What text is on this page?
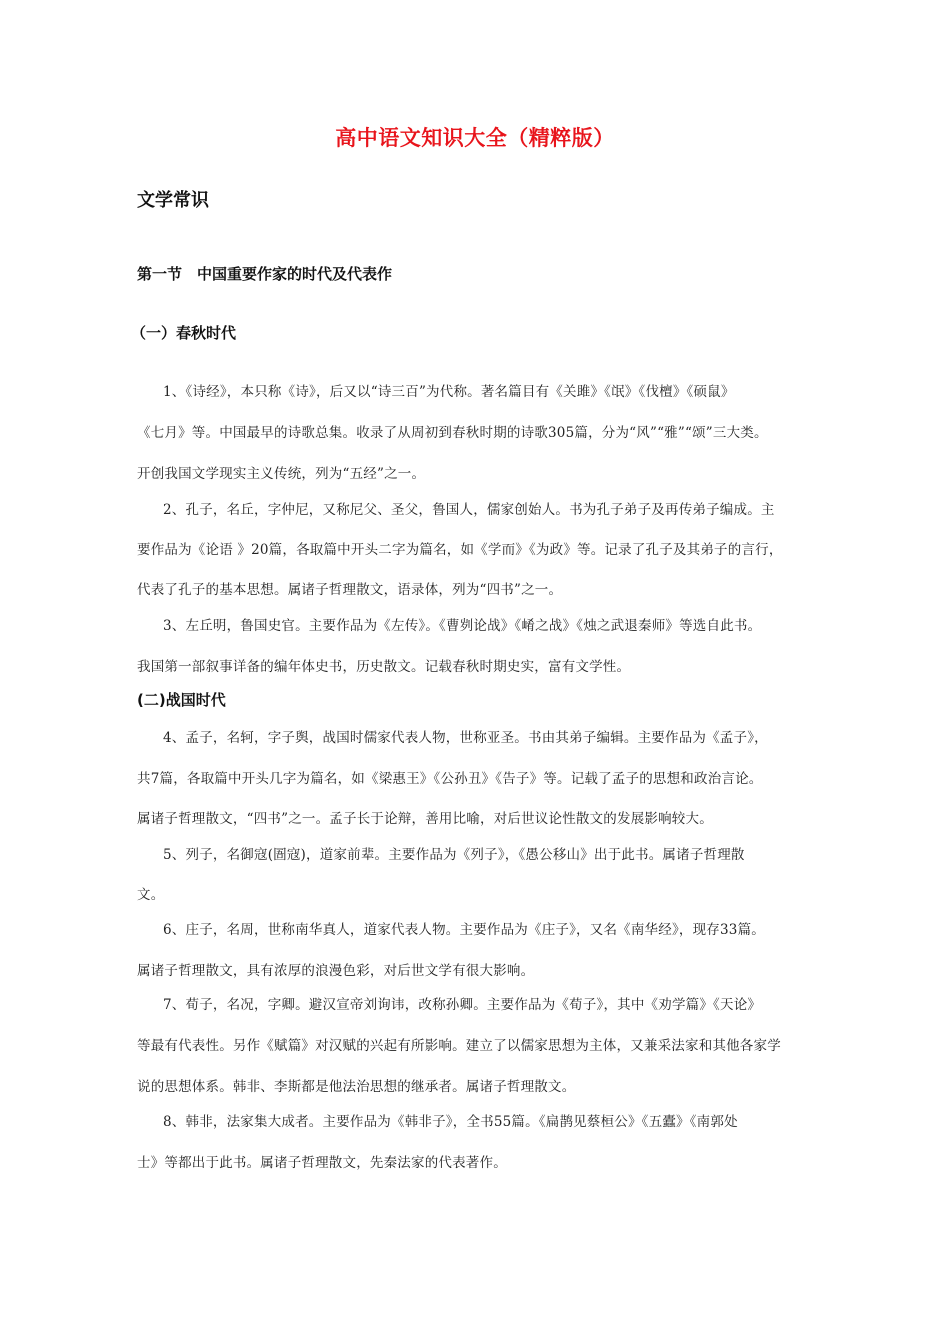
高中语文知识大全（精粹版）
文学常识
第一节　中国重要作家的时代及代表作
（一）春秋时代
1、《诗经》，本只称《诗》，后又以“诗三百”为代称。著名篇目有《关雎》《氓》《伐檀》《硕鼠》
《七月》等。中国最早的诗歌总集。收录了从周初到春秋时期的诗歌305篇，分为“风”“雅”“颂”三大类。
开创我国文学现实主义传统，列为“五经”之一。
2、孔子，名丘，字仲尼，又称尼父、圣父，鲁国人，儒家创始人。书为孔子弟子及再传弟子编成。主
要作品为《论语 》20篇，各取篇中开头二字为篇名，如《学而》《为政》等。记录了孔子及其弟子的言行，
代表了孔子的基本思想。属诸子哲理散文，语录体，列为“四书”之一。
3、左丘明，鲁国史官。主要作品为《左传》。《曹刿论战》《崤之战》《烛之武退秦师》等选自此书。
我国第一部叙事详备的编年体史书，历史散文。记载春秋时期史实，富有文学性。
(二)战国时代
4、孟子，名轲，字子舆，战国时儒家代表人物，世称亚圣。书由其弟子编辑。主要作品为《孟子》，
共7篇，各取篇中开头几字为篇名，如《梁惠王》《公孙丑》《告子》等。记载了孟子的思想和政治言论。
属诸子哲理散文，“四书”之一。孟子长于论辩，善用比喻，对后世议论性散文的发展影响较大。
5、列子，名御寇(圄寇)，道家前辈。主要作品为《列子》，《愚公移山》出于此书。属诸子哲理散
文。
6、庄子，名周，世称南华真人，道家代表人物。主要作品为《庄子》，又名《南华经》，现存33篇。
属诸子哲理散文，具有浓厚的浪漫色彩，对后世文学有很大影响。
7、荀子，名况，字卿。避汉宣帝刘询讳，改称孙卿。主要作品为《荀子》，其中《劝学篇》《天论》
等最有代表性。另作《赋篇》对汉赋的兴起有所影响。建立了以儒家思想为主体，又兼采法家和其他各家学
说的思想体系。韩非、李斯都是他法治思想的继承者。属诸子哲理散文。
8、韩非，法家集大成者。主要作品为《韩非子》，全书55篇。《扁鹊见蔡桓公》《五蠹》《南郭处
士》等都出于此书。属诸子哲理散文，先秦法家的代表著作。
